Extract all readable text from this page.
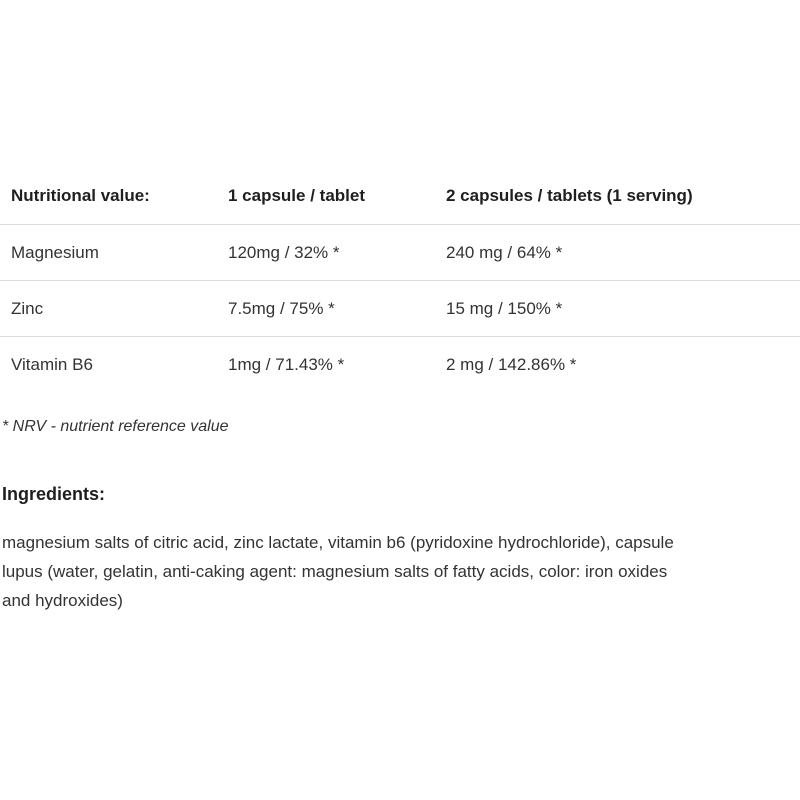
Nutritional value:	1 capsule / tablet	2 capsules / tablets (1 serving)
Magnesium	120mg / 32% *	240 mg / 64% *
Zinc	7.5mg / 75% *	15 mg / 150% *
Vitamin B6	1mg / 71.43% *	2 mg / 142.86% *

* NRV - nutrient reference value

Ingredients:

magnesium salts of citric acid, zinc lactate, vitamin b6 (pyridoxine hydrochloride), capsule
lupus (water, gelatin, anti-caking agent: magnesium salts of fatty acids, color: iron oxides
and hydroxides)
